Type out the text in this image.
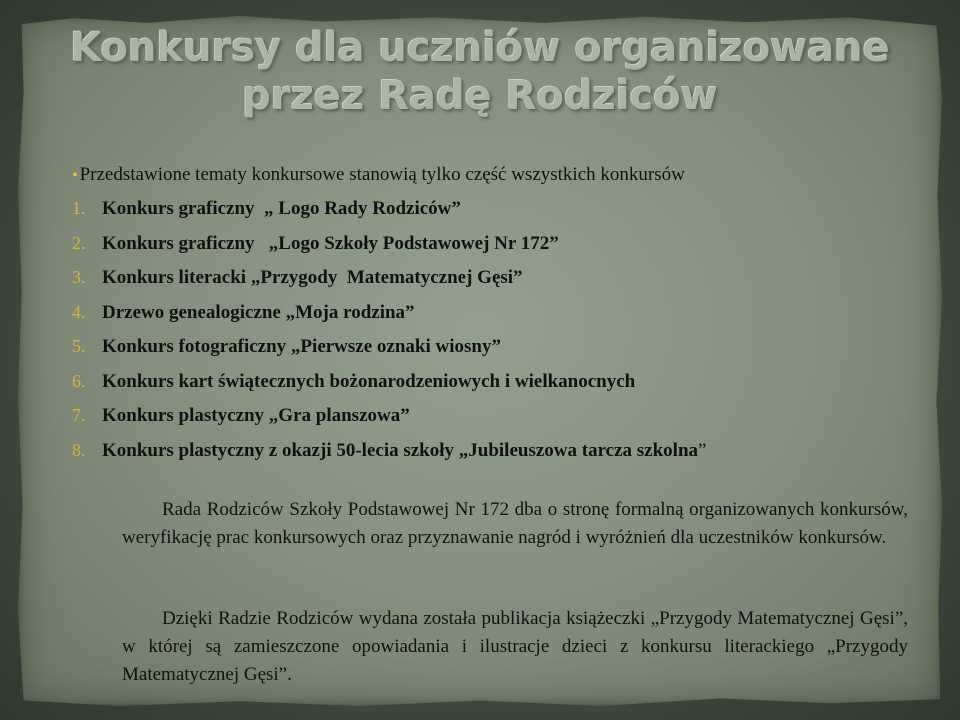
Konkursy dla uczniów organizowane
przez Radę Rodziców
• Przedstawione tematy konkursowe stanowią tylko część wszystkich konkursów
1. Konkurs graficzny  „ Logo Rady Rodziców”
2. Konkurs graficzny   „Logo Szkoły Podstawowej Nr 172”
3. Konkurs literacki „Przygody  Matematycznej Gęsi”
4. Drzewo genealogiczne „Moja rodzina”
5. Konkurs fotograficzny „Pierwsze oznaki wiosny”
6. Konkurs kart świątecznych bożonarodzeniowych i wielkanocnych
7. Konkurs plastyczny „Gra planszowa”
8. Konkurs plastyczny z okazji 50-lecia szkoły „Jubileuszowa tarcza szkolna”

Rada Rodziców Szkoły Podstawowej Nr 172 dba o stronę formalną organizowanych konkursów, weryfikację prac konkursowych oraz przyznawanie nagród i wyróżnień dla uczestników konkursów.

Dzięki Radzie Rodziców wydana została publikacja książeczki „Przygody Matematycznej Gęsi”, w której są zamieszczone opowiadania i ilustracje dzieci z konkursu literackiego „Przygody Matematycznej Gęsi”.
